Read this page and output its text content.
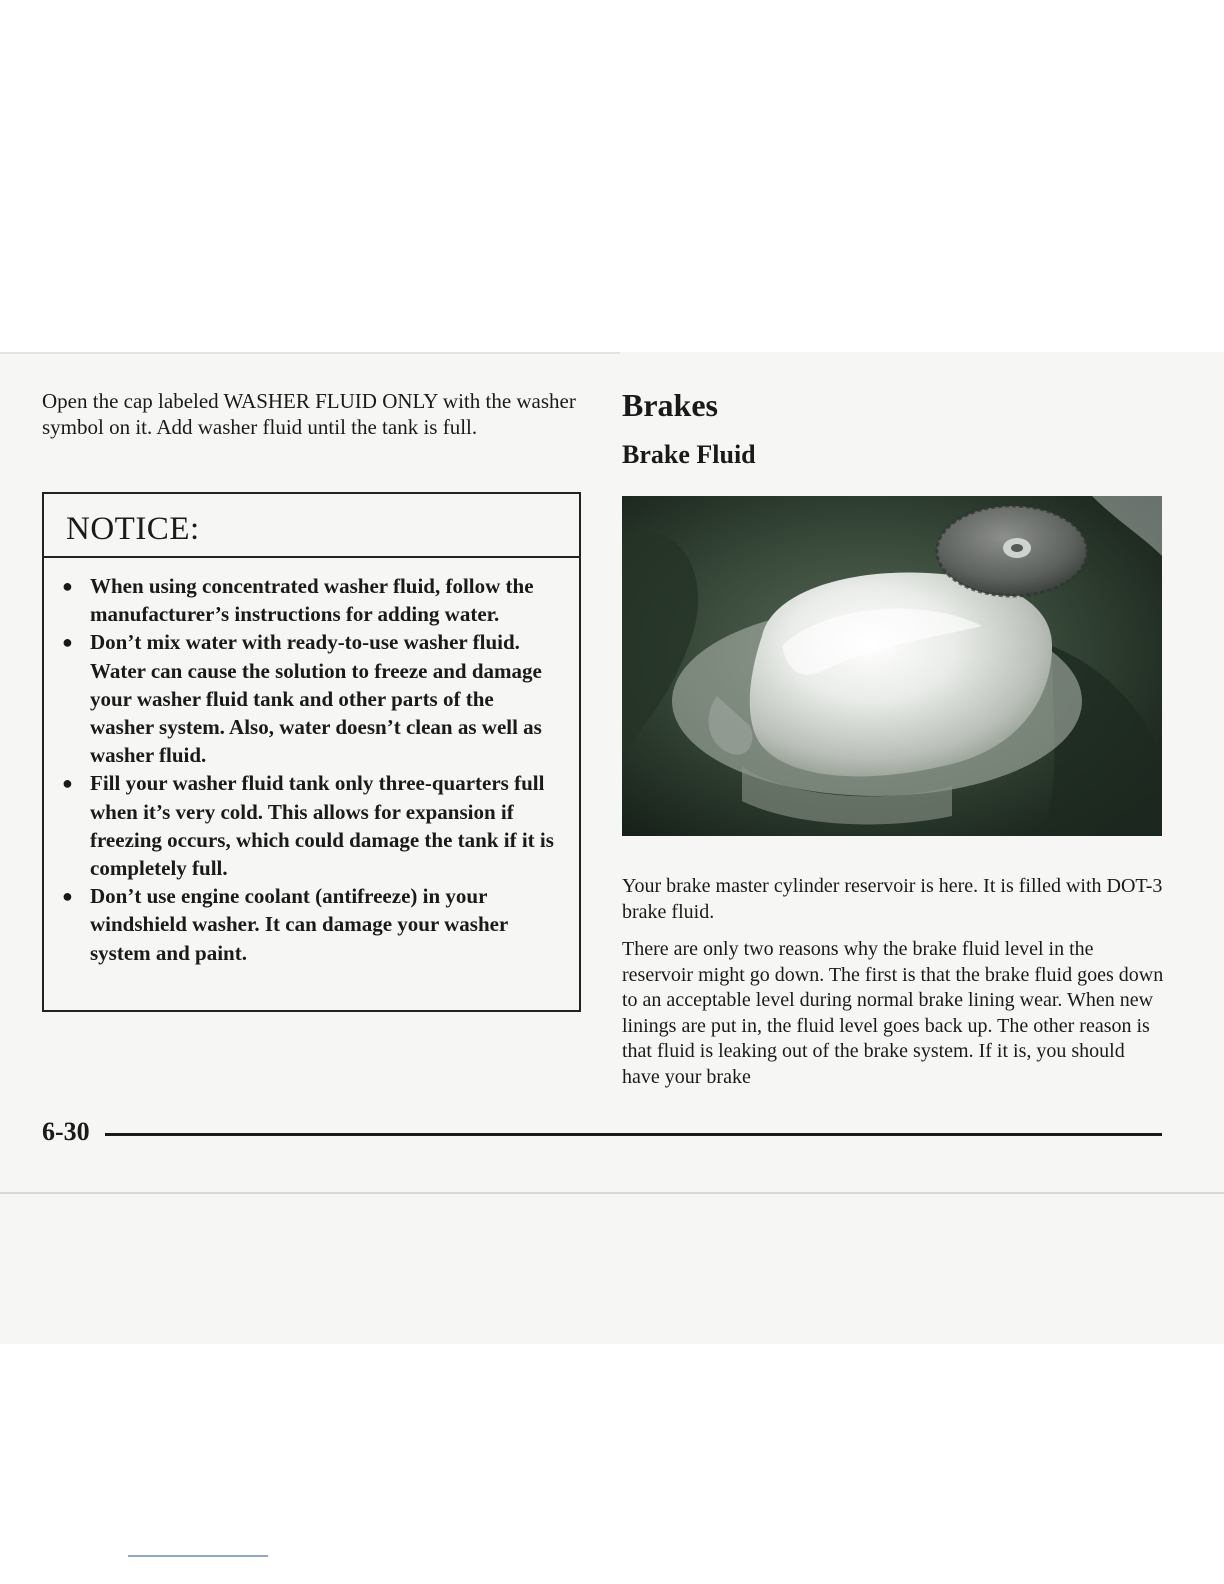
Open the cap labeled WASHER FLUID ONLY with the washer symbol on it. Add washer fluid until the tank is full.

NOTICE:
● When using concentrated washer fluid, follow the manufacturer’s instructions for adding water.
● Don’t mix water with ready-to-use washer fluid. Water can cause the solution to freeze and damage your washer fluid tank and other parts of the washer system. Also, water doesn’t clean as well as washer fluid.
● Fill your washer fluid tank only three-quarters full when it’s very cold. This allows for expansion if freezing occurs, which could damage the tank if it is completely full.
● Don’t use engine coolant (antifreeze) in your windshield washer. It can damage your washer system and paint.
Brakes
Brake Fluid

Your brake master cylinder reservoir is here. It is filled with DOT-3 brake fluid.

There are only two reasons why the brake fluid level in the reservoir might go down. The first is that the brake fluid goes down to an acceptable level during normal brake lining wear. When new linings are put in, the fluid level goes back up. The other reason is that fluid is leaking out of the brake system. If it is, you should have your brake

6-30
